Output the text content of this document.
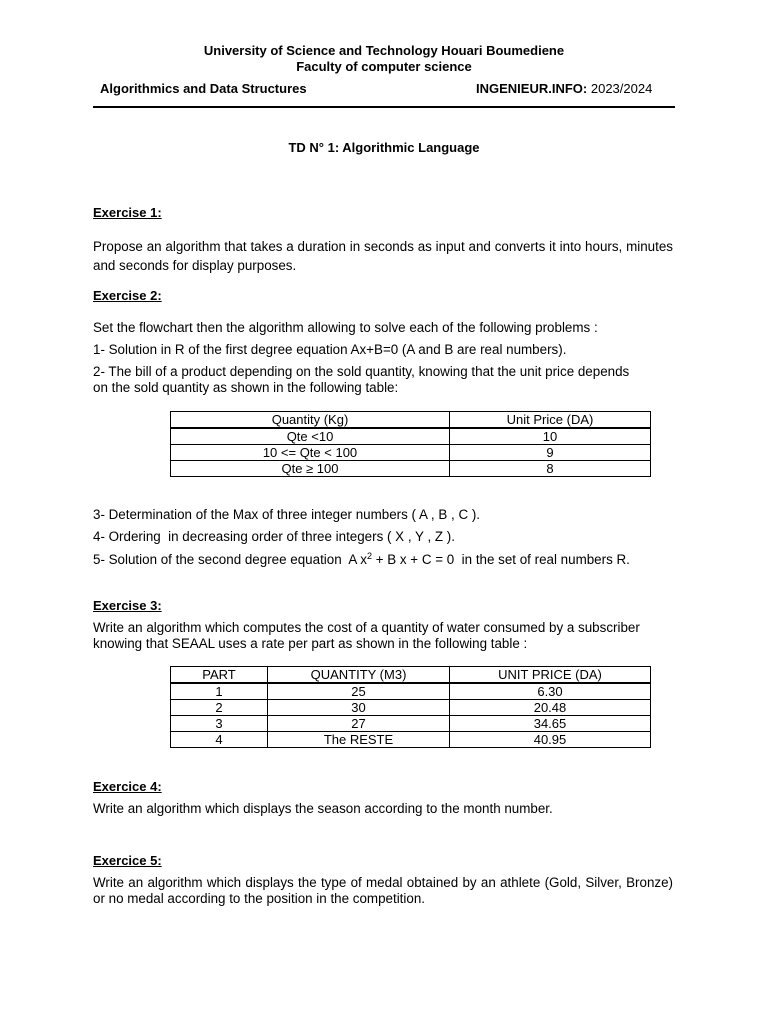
University of Science and Technology Houari Boumediene
Faculty of computer science
Algorithmics and Data Structures	INGENIEUR.INFO: 2023/2024
TD N° 1: Algorithmic Language
Exercise 1:
Propose an algorithm that takes a duration in seconds as input and converts it into hours, minutes and seconds for display purposes.
Exercise 2:
Set the flowchart then the algorithm allowing to solve each of the following problems :
1- Solution in R of the first degree equation Ax+B=0 (A and B are real numbers).
2- The bill of a product depending on the sold quantity, knowing that the unit price depends
on the sold quantity as shown in the following table:
Quantity (Kg)	Unit Price (DA)
Qte <10	10
10 <= Qte < 100	9
Qte ≥ 100	8
3- Determination of the Max of three integer numbers ( A , B , C ).
4- Ordering  in decreasing order of three integers ( X , Y , Z ).
5- Solution of the second degree equation  A $x^2 + B$ x + C = 0  in the set of real numbers R.
Exercise 3:
Write an algorithm which computes the cost of a quantity of water consumed by a subscriber
knowing that SEAAL uses a rate per part as shown in the following table :
PART	QUANTITY (M3)	UNIT PRICE (DA)
1	25	6.30
2	30	20.48
3	27	34.65
4	The RESTE	40.95
Exercice 4:
Write an algorithm which displays the season according to the month number.
Exercice 5:
Write an algorithm which displays the type of medal obtained by an athlete (Gold, Silver, Bronze) or no medal according to the position in the competition.
